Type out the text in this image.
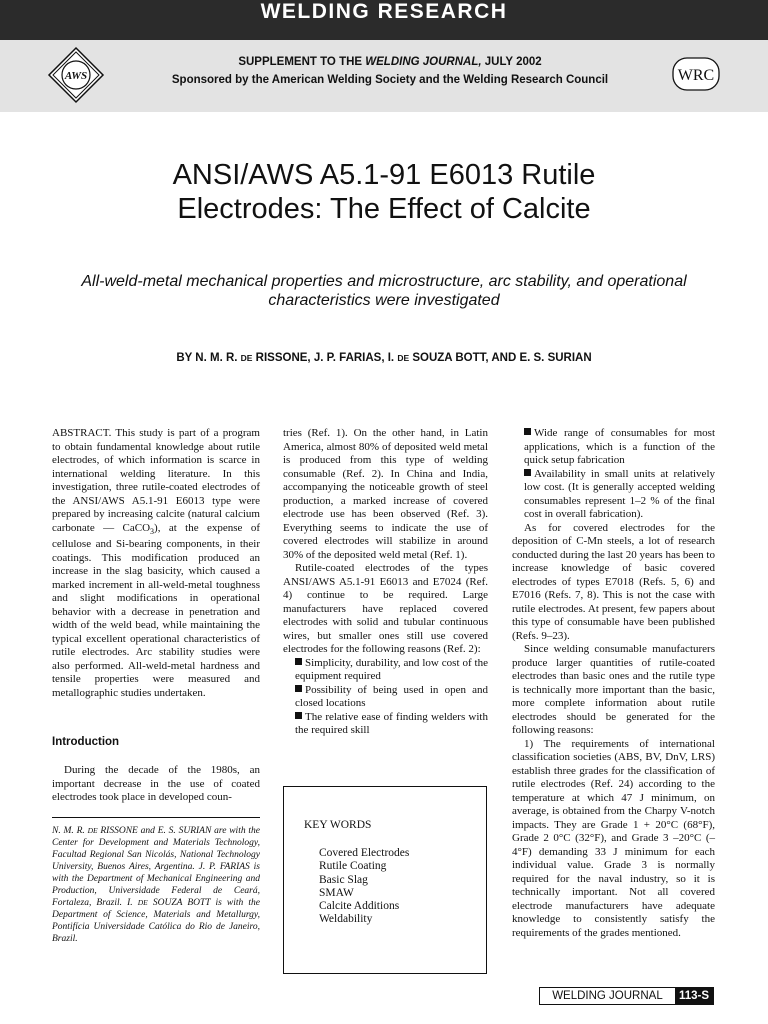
WELDING RESEARCH
SUPPLEMENT TO THE WELDING JOURNAL, JULY 2002
Sponsored by the American Welding Society and the Welding Research Council
AWS	WRC
ANSI/AWS A5.1-91 E6013 Rutile
Electrodes: The Effect of Calcite
All-weld-metal mechanical properties and microstructure, arc stability, and operational characteristics were investigated
BY N. M. R. DE RISSONE, J. P. FARIAS, I. DE SOUZA BOTT, AND E. S. SURIAN

ABSTRACT. This study is part of a program to obtain fundamental knowledge about rutile electrodes, of which information is scarce in international welding literature. In this investigation, three rutile-coated electrodes of the ANSI/AWS A5.1-91 E6013 type were prepared by increasing calcite (natural calcium carbonate — CaCO$_3$), at the expense of cellulose and Si-bearing components, in their coatings. This modification produced an increase in the slag basicity, which caused a marked increment in all-weld-metal toughness and slight modifications in operational behavior with a decrease in penetration and width of the weld bead, while maintaining the typical excellent operational characteristics of rutile electrodes. Arc stability studies were also performed. All-weld-metal hardness and tensile properties were measured and metallographic studies undertaken.

Introduction
During the decade of the 1980s, an important decrease in the use of coated electrodes took place in developed coun-
N. M. R. DE RISSONE and E. S. SURIAN are with the Center for Development and Materials Technology, Facultad Regional San Nicolás, National Technology University, Buenos Aires, Argentina. J. P. FARIAS is with the Department of Mechanical Engineering and Production, Universidade Federal de Ceará, Fortaleza, Brazil. I. DE SOUZA BOTT is with the Department of Science, Materials and Metallurgy, Pontifícia Universidade Católica do Rio de Janeiro, Brazil.

tries (Ref. 1). On the other hand, in Latin America, almost 80% of deposited weld metal is produced from this type of welding consumable (Ref. 2). In China and India, accompanying the noticeable growth of steel production, a marked increase of covered electrode use has been observed (Ref. 3). Everything seems to indicate the use of covered electrodes will stabilize in around 30% of the deposited weld metal (Ref. 1).

Rutile-coated electrodes of the types ANSI/AWS A5.1-91 E6013 and E7024 (Ref. 4) continue to be required. Large manufacturers have replaced covered electrodes with solid and tubular continuous wires, but smaller ones still use covered electrodes for the following reasons (Ref. 2):

Simplicity, durability, and low cost of the equipment required

Possibility of being used in open and closed locations

The relative ease of finding welders with the required skill

KEY WORDS
Covered Electrodes
Rutile Coating
Basic Slag
SMAW
Calcite Additions
Weldability

Wide range of consumables for most applications, which is a function of the quick setup fabrication

Availability in small units at relatively low cost. (It is generally accepted welding consumables represent 1–2 % of the final cost in overall fabrication).

As for covered electrodes for the deposition of C-Mn steels, a lot of research conducted during the last 20 years has been to increase knowledge of basic covered electrodes of types E7018 (Refs. 5, 6) and E7016 (Refs. 7, 8). This is not the case with rutile electrodes. At present, few papers about this type of consumable have been published (Refs. 9–23).

Since welding consumable manufacturers produce larger quantities of rutile-coated electrodes than basic ones and the rutile type is technically more important than the basic, more complete information about rutile electrodes should be generated for the following reasons:

1) The requirements of international classification societies (ABS, BV, DnV, LRS) establish three grades for the classification of rutile electrodes (Ref. 24) according to the temperature at which 47 J minimum, on average, is obtained from the Charpy V-notch impacts. They are Grade 1 + 20°C (68°F), Grade 2 0°C (32°F), and Grade 3 –20°C (–4°F) demanding 33 J minimum for each individual value. Grade 3 is normally required for the naval industry, so it is technically important. Not all covered electrode manufacturers have adequate knowledge to consistently satisfy the requirements of the grades mentioned.

WELDING JOURNAL	113-S
